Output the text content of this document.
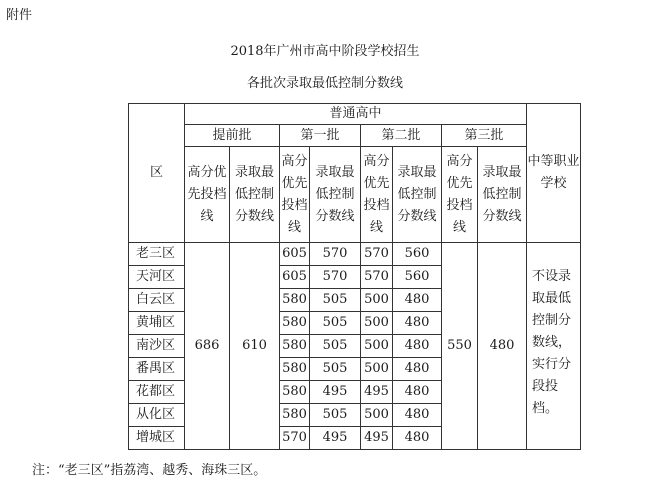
附件
2018年广州市高中阶段学校招生
各批次录取最低控制分数线
区	普通高中								中等职业学校
	提前批		第一批		第二批		第三批		
	高分优先投档线	录取最低控制分数线	高分优先投档线	录取最低控制分数线	高分优先投档线	录取最低控制分数线	高分优先投档线	录取最低控制分数线	
老三区	686	610	605	570	570	560	550	480	不设录取最低控制分数线，实行分段投档。
天河区			605	570	570	560			
白云区			580	505	500	480			
黄埔区			580	505	500	480			
南沙区			580	505	500	480			
番禺区			580	505	500	480			
花都区			580	495	495	480			
从化区			580	505	500	480			
增城区			570	495	495	480			
注：“老三区”指荔湾、越秀、海珠三区。
